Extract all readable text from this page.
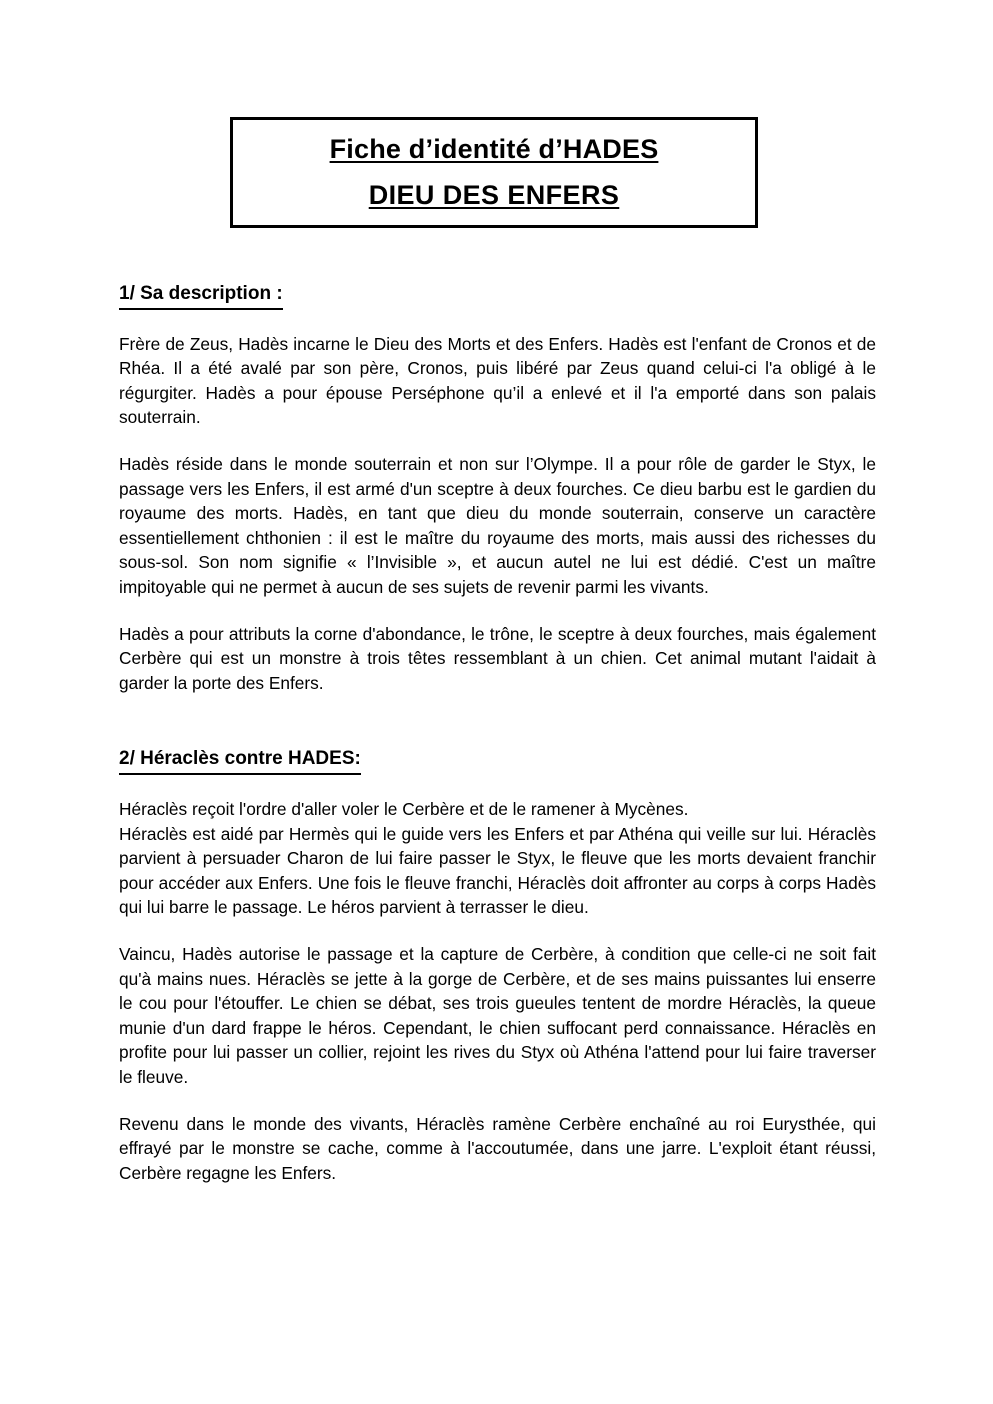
Fiche d’identité d’HADES
DIEU DES ENFERS
1/ Sa description :

Frère de Zeus, Hadès incarne le Dieu des Morts et des Enfers. Hadès est l'enfant de Cronos et de Rhéa. Il a été avalé par son père, Cronos, puis libéré par Zeus quand celui-ci l'a obligé à le régurgiter. Hadès a pour épouse Perséphone qu’il a enlevé et il l'a emporté dans son palais souterrain.

Hadès réside dans le monde souterrain et non sur l’Olympe. Il a pour rôle de garder le Styx, le passage vers les Enfers, il est armé d'un sceptre à deux fourches. Ce dieu barbu est le gardien du royaume des morts. Hadès, en tant que dieu du monde souterrain, conserve un caractère essentiellement chthonien : il est le maître du royaume des morts, mais aussi des richesses du sous-sol. Son nom signifie « l’Invisible », et aucun autel ne lui est dédié. C'est un maître impitoyable qui ne permet à aucun de ses sujets de revenir parmi les vivants.

Hadès a pour attributs la corne d'abondance, le trône, le sceptre à deux fourches, mais également Cerbère qui est un monstre à trois têtes ressemblant à un chien. Cet animal mutant l'aidait à garder la porte des Enfers.

2/ Héraclès contre HADES:

Héraclès reçoit l'ordre d'aller voler le Cerbère et de le ramener à Mycènes.

Héraclès est aidé par Hermès qui le guide vers les Enfers et par Athéna qui veille sur lui. Héraclès parvient à persuader Charon de lui faire passer le Styx, le fleuve que les morts devaient franchir pour accéder aux Enfers. Une fois le fleuve franchi, Héraclès doit affronter au corps à corps Hadès qui lui barre le passage. Le héros parvient à terrasser le dieu.

Vaincu, Hadès autorise le passage et la capture de Cerbère, à condition que celle-ci ne soit fait qu'à mains nues. Héraclès se jette à la gorge de Cerbère, et de ses mains puissantes lui enserre le cou pour l'étouffer. Le chien se débat, ses trois gueules tentent de mordre Héraclès, la queue munie d'un dard frappe le héros. Cependant, le chien suffocant perd connaissance. Héraclès en profite pour lui passer un collier, rejoint les rives du Styx où Athéna l'attend pour lui faire traverser le fleuve.

Revenu dans le monde des vivants, Héraclès ramène Cerbère enchaîné au roi Eurysthée, qui effrayé par le monstre se cache, comme à l'accoutumée, dans une jarre. L'exploit étant réussi, Cerbère regagne les Enfers.
